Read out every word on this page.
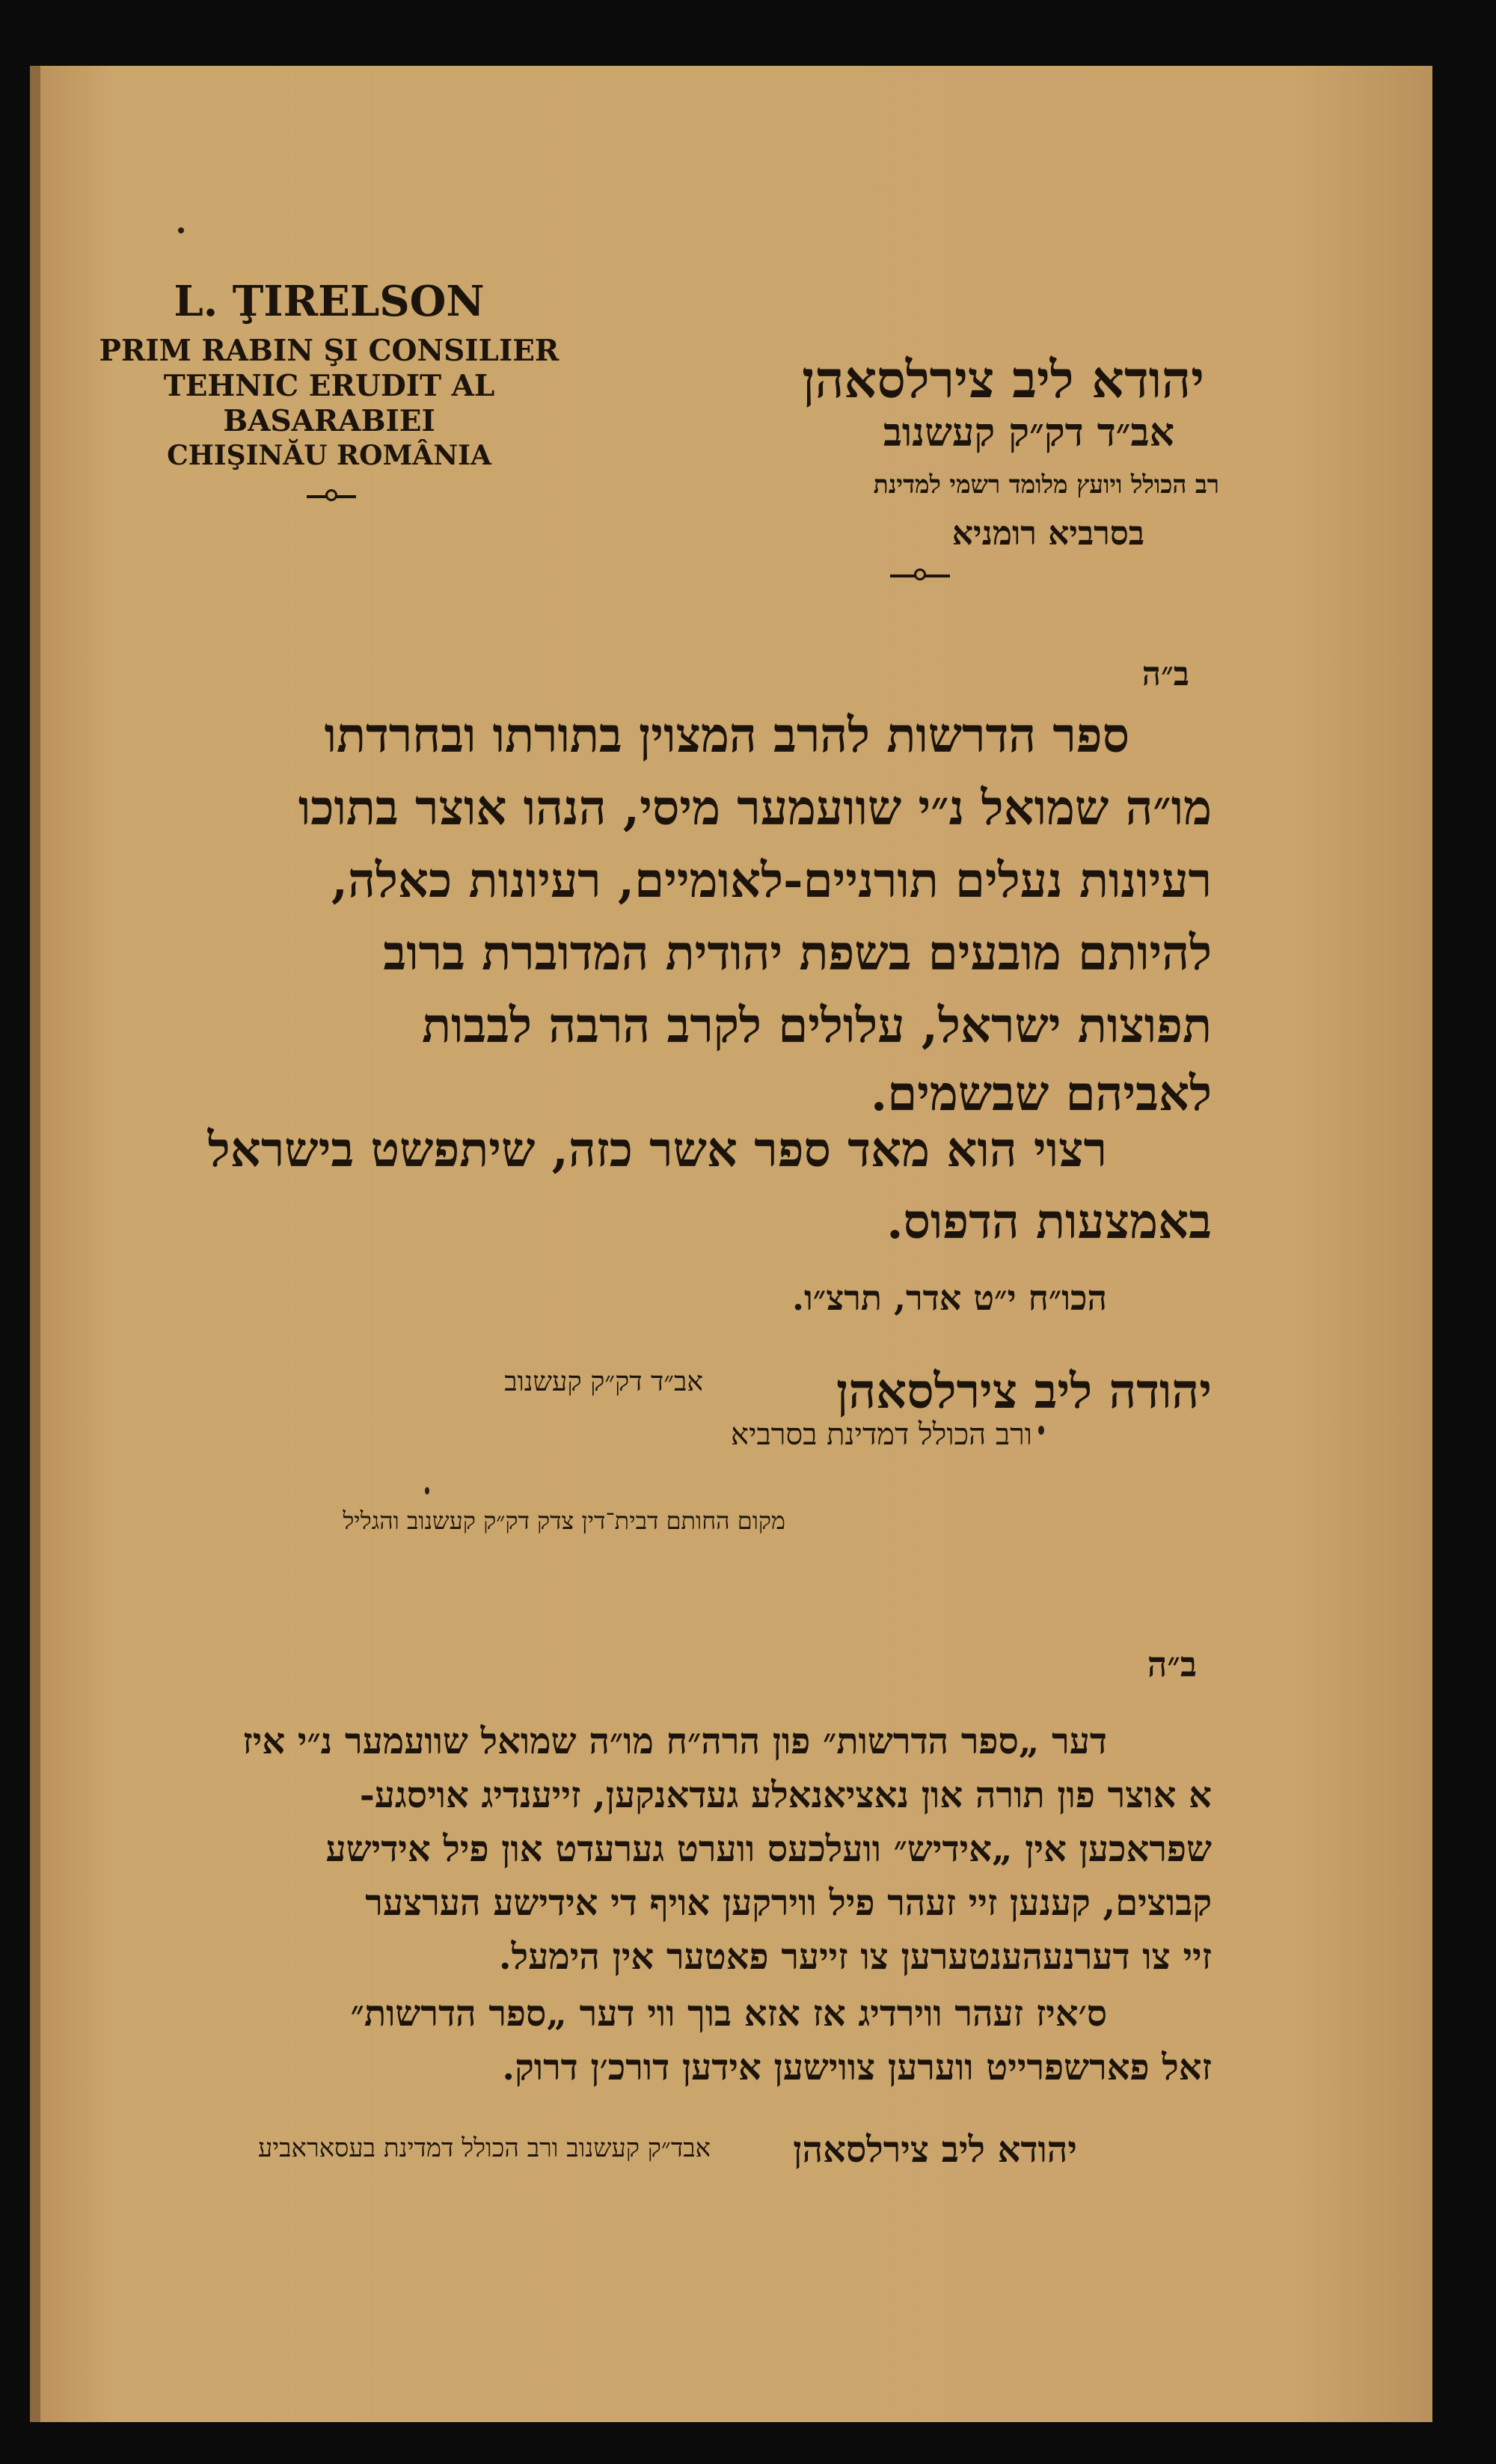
L. ŢIRELSON
PRIM RABIN ŞI CONSILIER
TEHNIC ERUDIT AL
BASARABIEI
CHIŞINĂU ROMÂNIA
יהודא ליב צירלסאהן
אב״ד דק״ק קעשנוב
רב הכולל ויועץ מלומד רשמי למדינת
בסרביא רומניא
ב״ה
ספר הדרשות להרב המצוין בתורתו ובחרדתו
מו״ה שמואל נ״י שוועמער מיסי, הנהו אוצר בתוכו
רעיונות נעלים תורניים-לאומיים, רעיונות כאלה,
להיותם מובעים בשפת יהודית המדוברת ברוב
תפוצות ישראל, עלולים לקרב הרבה לבבות
לאביהם שבשמים.
רצוי הוא מאד ספר אשר כזה, שיתפשט בישראל
באמצעות הדפוס.
הכו״ח י״ט אדר, תרצ״ו.
יהודה ליב צירלסאהן
אב״ד דק״ק קעשנוב
ורב הכולל דמדינת בסרביא
מקום החותם דבית־דין צדק דק״ק קעשנוב והגליל
ב״ה
דער „ספר הדרשות״ פון הרה״ח מו״ה שמואל שוועמער נ״י איז
א אוצר פון תורה און נאציאנאלע געדאנקען, זייענדיג אויסגע-
שפראכען אין „אידיש״ וועלכעס ווערט גערעדט און פיל אידישע
קבוצים, קענען זיי זעהר פיל ווירקען אויף די אידישע הערצער
זיי צו דערנעהענטערען צו זייער פאטער אין הימעל.
ס׳איז זעהר ווירדיג אז אזא בוך ווי דער „ספר הדרשות״
זאל פארשפרייט ווערען צווישען אידען דורכ׳ן דרוק.
יהודא ליב צירלסאהן
אבד״ק קעשנוב ורב הכולל דמדינת בעסאראביע
